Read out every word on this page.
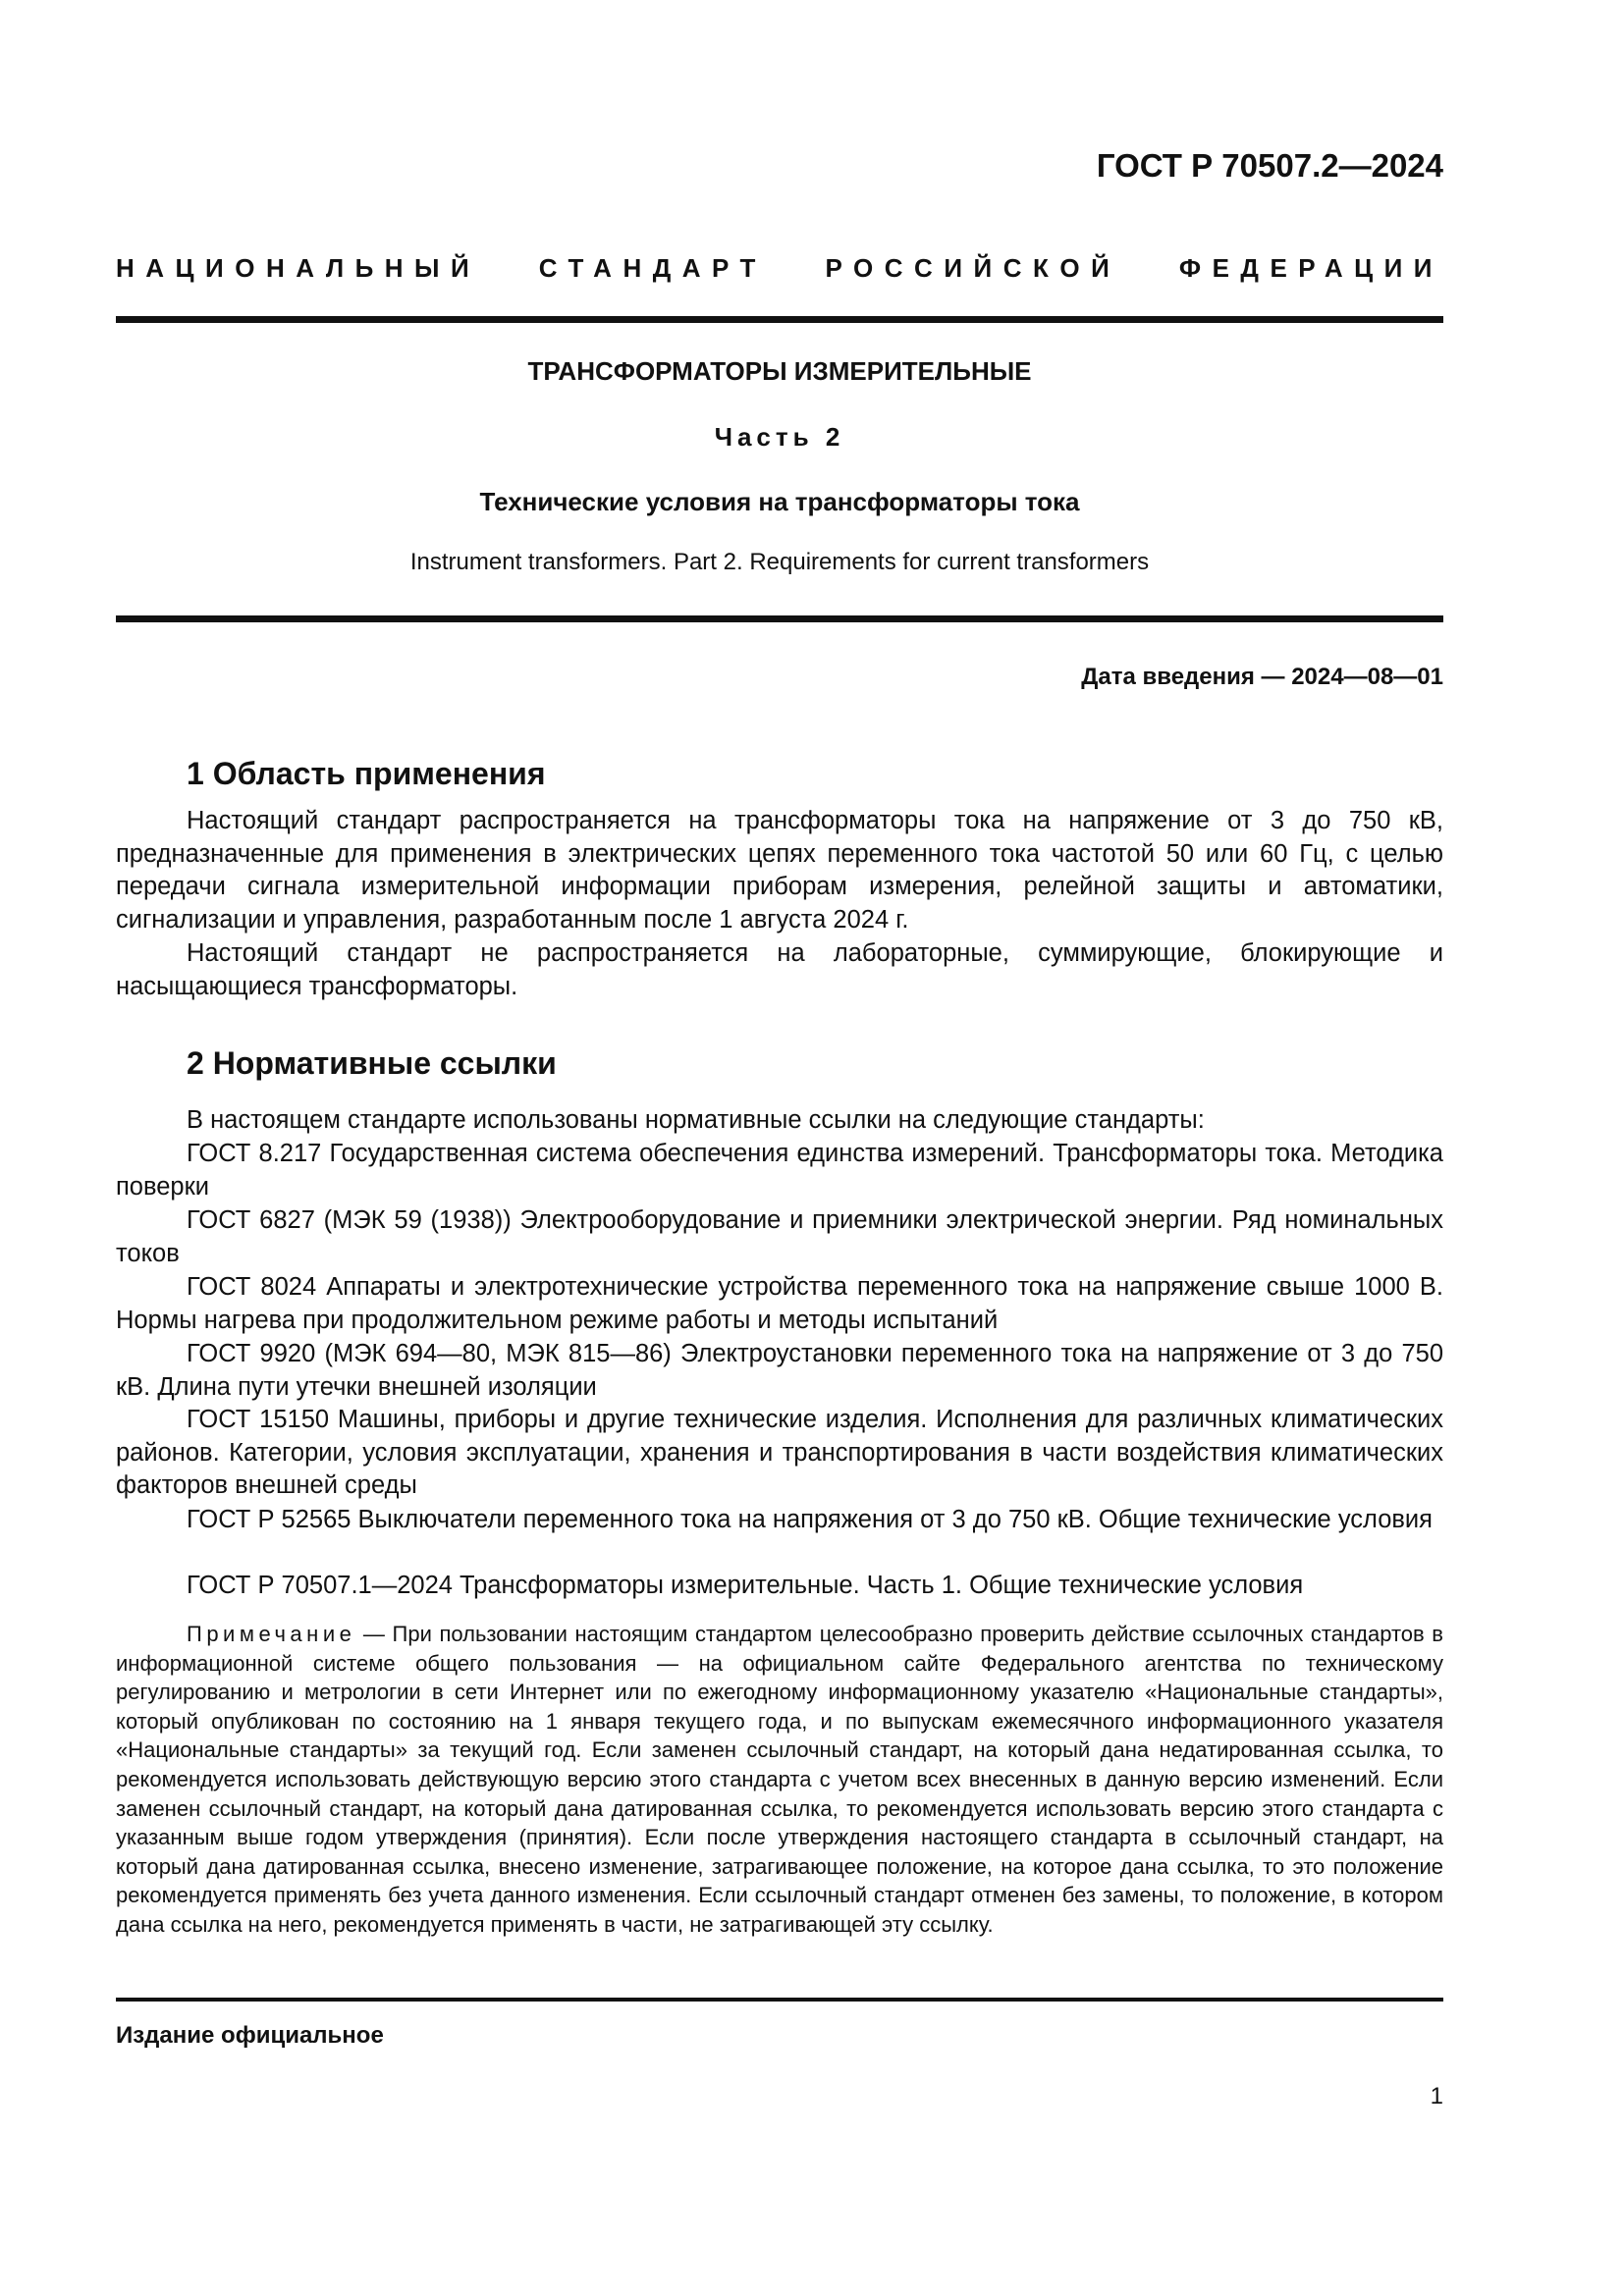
ГОСТ Р 70507.2—2024
НАЦИОНАЛЬНЫЙ СТАНДАРТ РОССИЙСКОЙ ФЕДЕРАЦИИ
ТРАНСФОРМАТОРЫ ИЗМЕРИТЕЛЬНЫЕ
Часть 2
Технические условия на трансформаторы тока
Instrument transformers. Part 2. Requirements for current transformers
Дата введения — 2024—08—01
1 Область применения

Настоящий стандарт распространяется на трансформаторы тока на напряжение от 3 до 750 кВ, предназначенные для применения в электрических цепях переменного тока частотой 50 или 60 Гц, с целью передачи сигнала измерительной информации приборам измерения, релейной защиты и автоматики, сигнализации и управления, разработанным после 1 августа 2024 г.

Настоящий стандарт не распространяется на лабораторные, суммирующие, блокирующие и насыщающиеся трансформаторы.

2 Нормативные ссылки

В настоящем стандарте использованы нормативные ссылки на следующие стандарты:

ГОСТ 8.217 Государственная система обеспечения единства измерений. Трансформаторы тока. Методика поверки

ГОСТ 6827 (МЭК 59 (1938)) Электрооборудование и приемники электрической энергии. Ряд номинальных токов

ГОСТ 8024 Аппараты и электротехнические устройства переменного тока на напряжение свыше 1000 В. Нормы нагрева при продолжительном режиме работы и методы испытаний

ГОСТ 9920 (МЭК 694—80, МЭК 815—86) Электроустановки переменного тока на напряжение от 3 до 750 кВ. Длина пути утечки внешней изоляции

ГОСТ 15150 Машины, приборы и другие технические изделия. Исполнения для различных климатических районов. Категории, условия эксплуатации, хранения и транспортирования в части воздействия климатических факторов внешней среды

ГОСТ Р 52565 Выключатели переменного тока на напряжения от 3 до 750 кВ. Общие технические условия

ГОСТ Р 70507.1—2024 Трансформаторы измерительные. Часть 1. Общие технические условия

Примечание — При пользовании настоящим стандартом целесообразно проверить действие ссылочных стандартов в информационной системе общего пользования — на официальном сайте Федерального агентства по техническому регулированию и метрологии в сети Интернет или по ежегодному информационному указателю «Национальные стандарты», который опубликован по состоянию на 1 января текущего года, и по выпускам ежемесячного информационного указателя «Национальные стандарты» за текущий год. Если заменен ссылочный стандарт, на который дана недатированная ссылка, то рекомендуется использовать действующую версию этого стандарта с учетом всех внесенных в данную версию изменений. Если заменен ссылочный стандарт, на который дана датированная ссылка, то рекомендуется использовать версию этого стандарта с указанным выше годом утверждения (принятия). Если после утверждения настоящего стандарта в ссылочный стандарт, на который дана датированная ссылка, внесено изменение, затрагивающее положение, на которое дана ссылка, то это положение рекомендуется применять без учета данного изменения. Если ссылочный стандарт отменен без замены, то положение, в котором дана ссылка на него, рекомендуется применять в части, не затрагивающей эту ссылку.

Издание официальное
1
